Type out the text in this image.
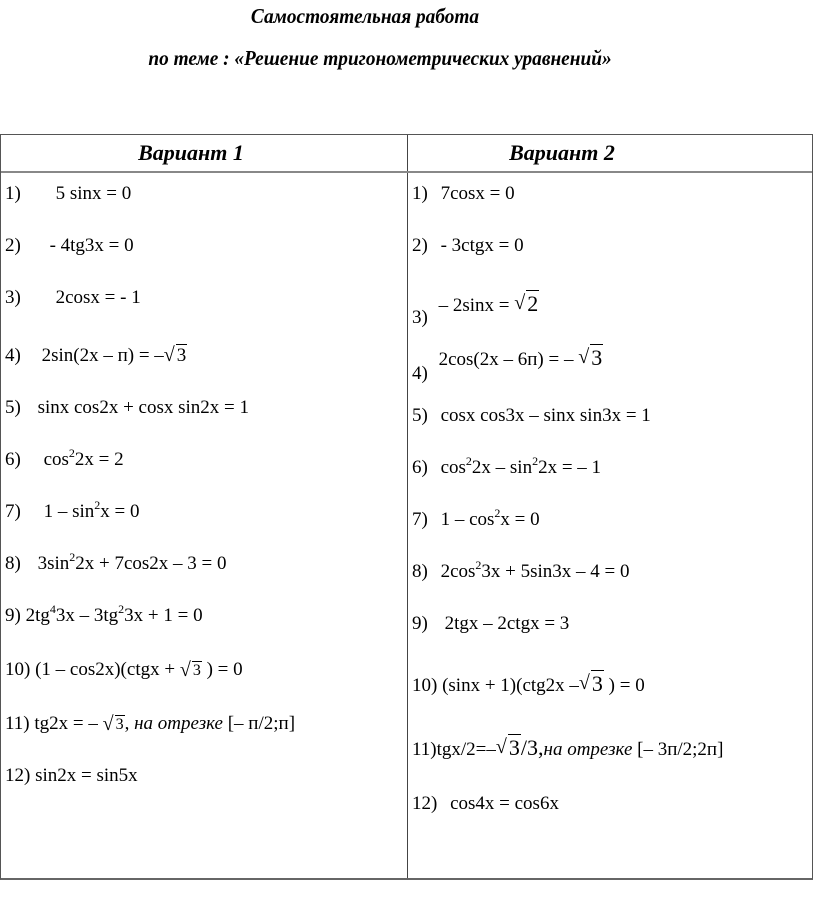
Самостоятельная работа
по теме : «Решение тригонометрических уравнений»
Вариант 1	Вариант 2
1) 5 sinx = 0
2) - 4tg3x = 0
3) 2cosx = - 1
4) 2sin(2x – п) = – √ 3
5) sinx cos2x + cosx sin2x = 1
6) $\cos^22x = 2$
7) $1 - \sin^2x = 0$
8) $3\sin^22x + 7\cos 2x - 3 = 0$
9) $2tg^43x - 3tg^23x + 1 = 0$
10) (1 – cos2x)(ctgx + √ 3 ) = 0
11) tg2x = – √ 3, на отрезке [– п/2;п]
12) sin2x = sin5x
1) 7cosx = 0
2) - 3ctgx = 0
3) – 2sinx = √ 2
4) 2cos(2x – 6п) = – √ 3
5) cosx cos3x – sinx sin3x = 1
6) $\cos^22x - \sin^22x$ = – 1
7) $1 - \cos^2x = 0$
8) $2\cos^23x + 5\sin 3x - 4 = 0$
9) 2tgx – 2ctgx = 3
10) (sinx + 1)(ctg2x – √ 3 ) = 0
11)tgx/2=– √ 3/3,на отрезке [– 3п/2;2п]
12) cos4x = cos6x
